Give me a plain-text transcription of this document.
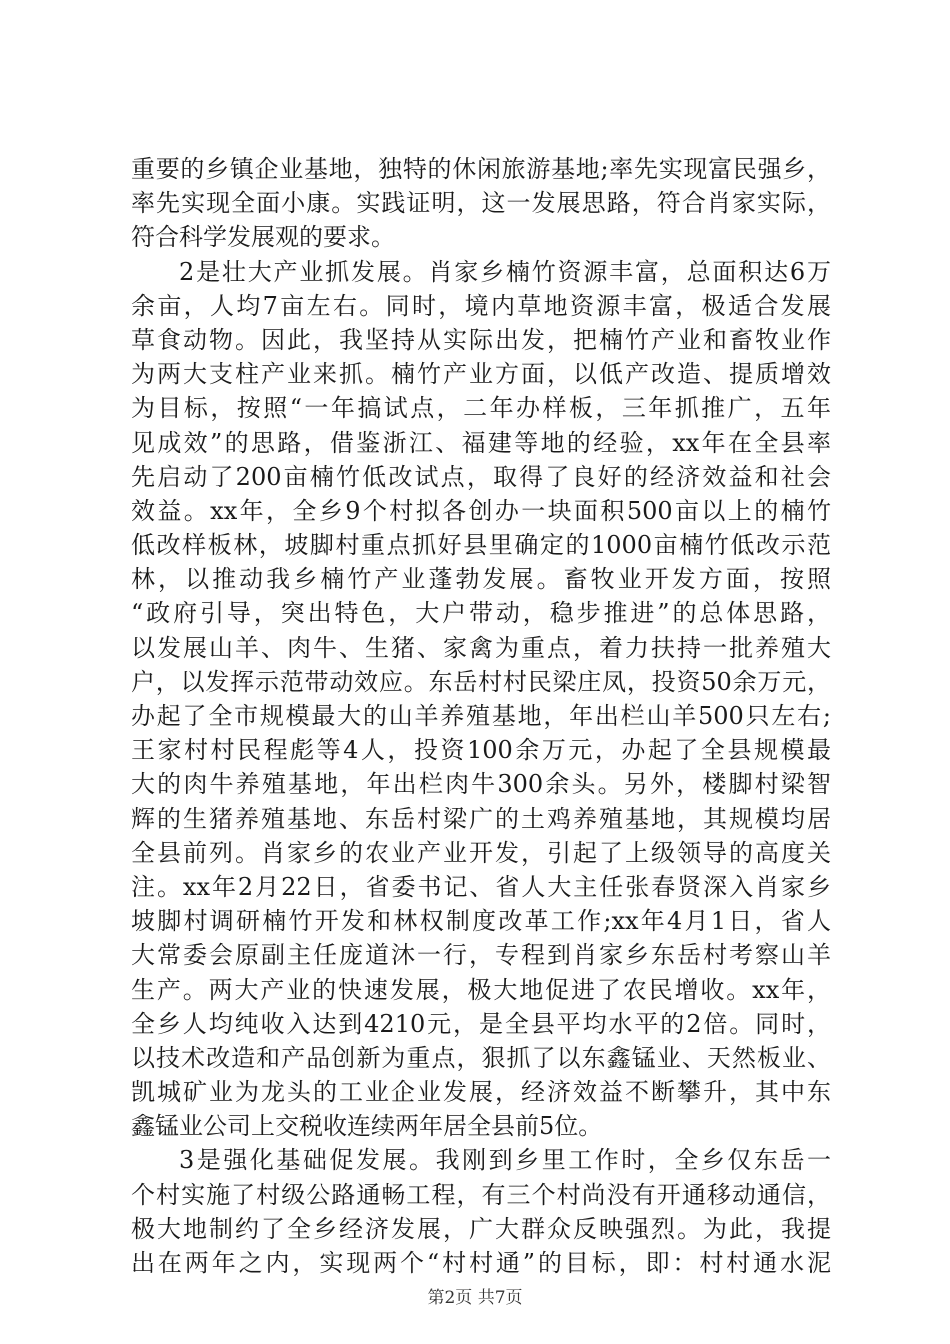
重要的乡镇企业基地，独特的休闲旅游基地;率先实现富民强乡，
率先实现全面小康。实践证明，这一发展思路，符合肖家实际，
符合科学发展观的要求。
2是壮大产业抓发展。肖家乡楠竹资源丰富，总面积达6万
余亩，人均7亩左右。同时，境内草地资源丰富，极适合发展
草食动物。因此，我坚持从实际出发，把楠竹产业和畜牧业作
为两大支柱产业来抓。楠竹产业方面，以低产改造、提质增效
为目标，按照“一年搞试点，二年办样板，三年抓推广，五年
见成效”的思路，借鉴浙江、福建等地的经验，xx年在全县率
先启动了200亩楠竹低改试点，取得了良好的经济效益和社会
效益。xx年，全乡9个村拟各创办一块面积500亩以上的楠竹
低改样板林，坡脚村重点抓好县里确定的1000亩楠竹低改示范
林，以推动我乡楠竹产业蓬勃发展。畜牧业开发方面，按照
“政府引导，突出特色，大户带动，稳步推进”的总体思路，
以发展山羊、肉牛、生猪、家禽为重点，着力扶持一批养殖大
户，以发挥示范带动效应。东岳村村民梁庄凤，投资50余万元，
办起了全市规模最大的山羊养殖基地，年出栏山羊500只左右;
王家村村民程彪等4人，投资100余万元，办起了全县规模最
大的肉牛养殖基地，年出栏肉牛300余头。另外，楼脚村梁智
辉的生猪养殖基地、东岳村梁广的土鸡养殖基地，其规模均居
全县前列。肖家乡的农业产业开发，引起了上级领导的高度关
注。xx年2月22日，省委书记、省人大主任张春贤深入肖家乡
坡脚村调研楠竹开发和林权制度改革工作;xx年4月1日，省人
大常委会原副主任庞道沐一行，专程到肖家乡东岳村考察山羊
生产。两大产业的快速发展，极大地促进了农民增收。xx年，
全乡人均纯收入达到4210元，是全县平均水平的2倍。同时，
以技术改造和产品创新为重点，狠抓了以东鑫锰业、天然板业、
凯城矿业为龙头的工业企业发展，经济效益不断攀升，其中东
鑫锰业公司上交税收连续两年居全县前5位。
3是强化基础促发展。我刚到乡里工作时，全乡仅东岳一
个村实施了村级公路通畅工程，有三个村尚没有开通移动通信，
极大地制约了全乡经济发展，广大群众反映强烈。为此，我提
出在两年之内，实现两个“村村通”的目标，即：村村通水泥
第2页 共7页
